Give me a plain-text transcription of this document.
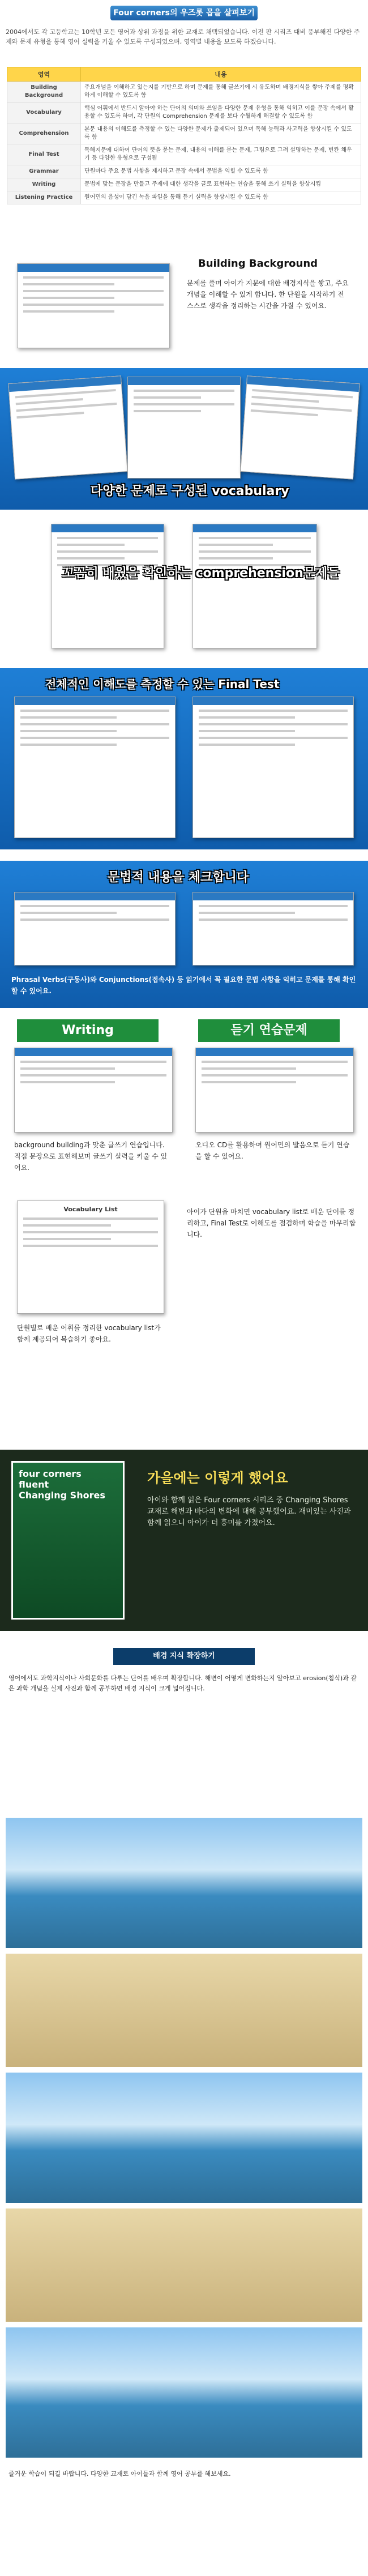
Four corners의 우즈롯 몹을 살펴보기
2004에서도 각 고등학교는 10학년 모든 영어과 상위 과정을 위한 교재로 채택되었습니다. 이전 판 시리즈 대비 풍부해진 다양한 주제와 문제 유형을 통해 영어 실력을 키울 수 있도록 구성되었으며, 영역별 내용을 보도록 하겠습니다.
영역	내용
Building Background	주요개념을 이해하고 있는지를 기반으로 하며 문제를 통해 글쓰기에 시 유도하며 배경지식을 쌓아 주제를 명확하게 이해할 수 있도록 함
Vocabulary	핵심 어휘에서 반드시 알아야 하는 단어의 의미와 쓰임을 다양한 문제 유형을 통해 익히고 이를 문장 속에서 활용할 수 있도록 하며, 각 단원의 Comprehension 문제를 보다 수월하게 해결할 수 있도록 함
Comprehension	본문 내용의 이해도를 측정할 수 있는 다양한 문제가 출제되어 있으며 독해 능력과 사고력을 향상시킬 수 있도록 함
Final Test	독해지문에 대하여 단어의 뜻을 묻는 문제, 내용의 이해를 묻는 문제, 그림으로 그려 설명하는 문제, 빈칸 채우기 등 다양한 유형으로 구성됨
Grammar	단원마다 주요 문법 사항을 제시하고 문장 속에서 문법을 익힐 수 있도록 함
Writing	문법에 맞는 문장을 만들고 주제에 대한 생각을 글로 표현하는 연습을 통해 쓰기 실력을 향상시킴
Listening Practice	원어민의 음성이 담긴 녹음 파일을 통해 듣기 실력을 향상시킬 수 있도록 함
Building Background
문제를 풀며 아이가 지문에 대한 배경지식을 쌓고, 주요 개념을 이해할 수 있게 합니다. 한 단원을 시작하기 전 스스로 생각을 정리하는 시간을 가질 수 있어요.
다양한 문제로 구성된 vocabulary
꼬꼼히 배웠을 확인하는 comprehension문제들
전체적인 이해도를 측정할 수 있는 Final Test
문법적 내용을 체크합니다
Phrasal Verbs(구동사)와 Conjunctions(접속사) 등 읽기에서 꼭 필요한 문법 사항을 익히고 문제를 통해 확인할 수 있어요.
Writing	듣기 연습문제
background building과 맞춘 글쓰기 연습입니다. 직접 문장으로 표현해보며 글쓰기 실력을 키울 수 있어요.
오디오 CD를 활용하여 원어민의 발음으로 듣기 연습을 할 수 있어요.
Vocabulary List
단원별로 배운 어휘를 정리한 vocabulary list가 함께 제공되어 복습하기 좋아요.
아이가 단원을 마치면 vocabulary list로 배운 단어를 정리하고, Final Test로 이해도를 점검하며 학습을 마무리합니다.
four corners
fluent
Changing Shores
가을에는 이렇게 했어요
아이와 함께 읽은 Four corners 시리즈 중 Changing Shores 교재로 해변과 바다의 변화에 대해 공부했어요. 재미있는 사진과 함께 읽으니 아이가 더 흥미를 가졌어요.
배경 지식 확장하기
영어에서도 과학지식이나 사회문화를 다루는 단어를 배우며 확장합니다. 해변이 어떻게 변화하는지 알아보고 erosion(침식)과 같은 과학 개념을 실제 사진과 함께 공부하면 배경 지식이 크게 넓어집니다.
즐거운 학습이 되길 바랍니다. 다양한 교재로 아이들과 함께 영어 공부를 해보세요.
